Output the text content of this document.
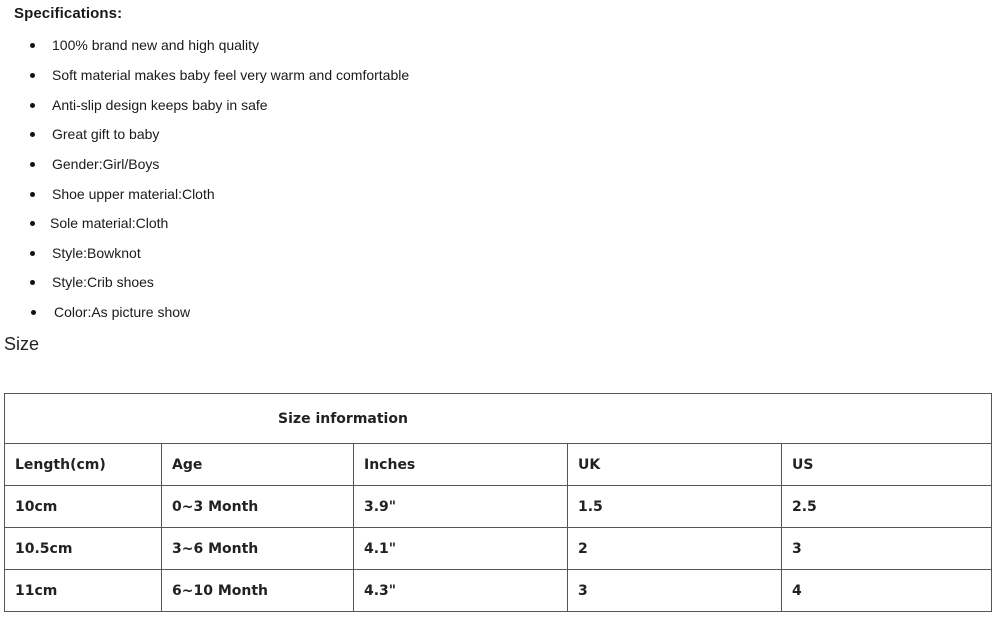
Specifications:
100% brand new and high quality
Soft material makes baby feel very warm and comfortable
Anti-slip design keeps baby in safe
Great gift to baby
Gender:Girl/Boys
Shoe upper material:Cloth
Sole material:Cloth
Style:Bowknot
Style:Crib shoes
Color:As picture show
Size
Size information				
Length(cm)	Age	Inches	UK	US
10cm	0~3 Month	3.9"	1.5	2.5
10.5cm	3~6 Month	4.1"	2	3
11cm	6~10 Month	4.3"	3	4
